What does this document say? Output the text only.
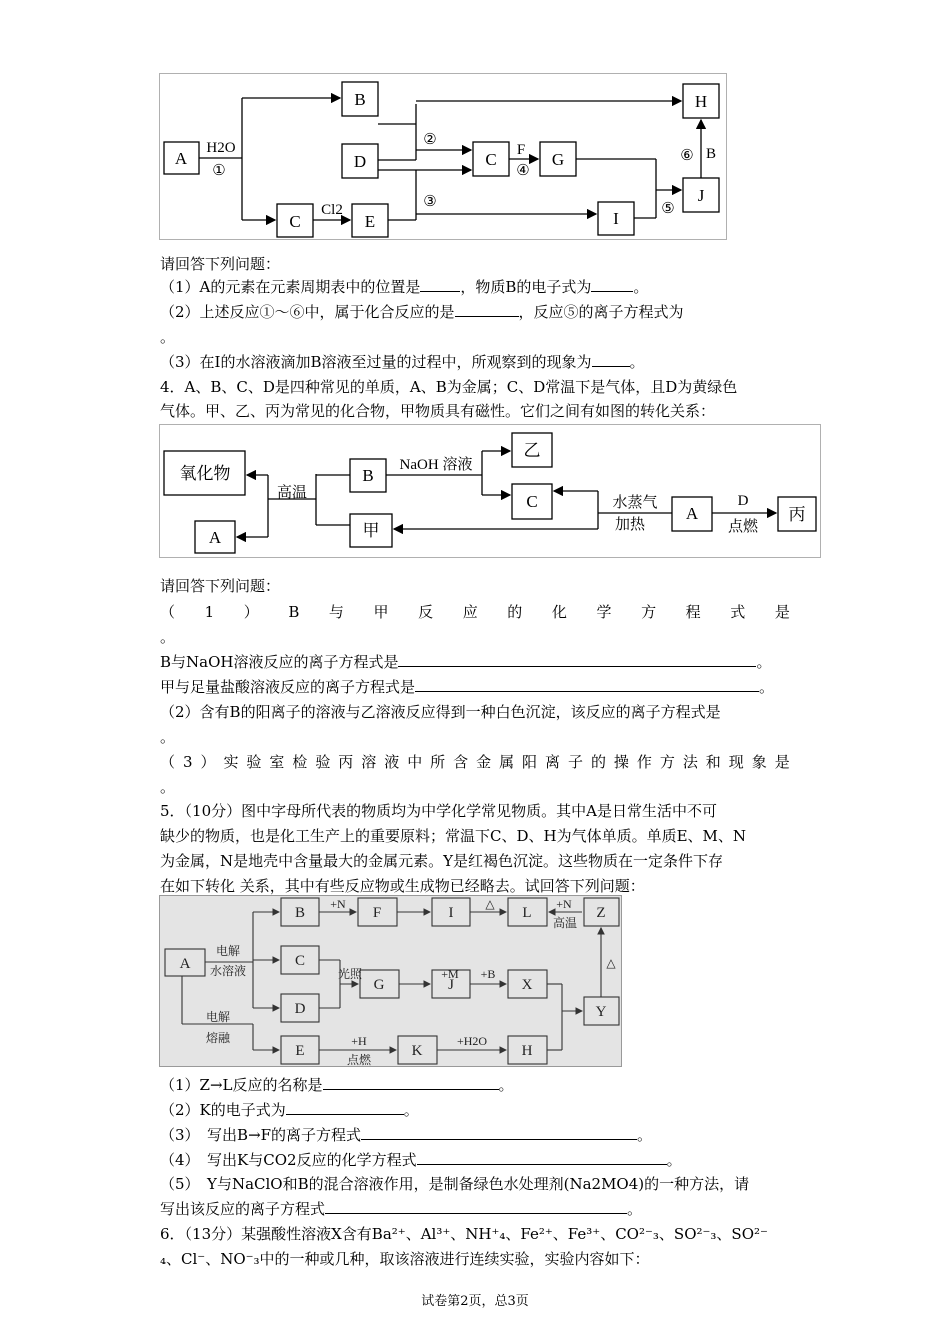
A
B
D
C	E
C	G
H
J
I
H2O
①
Cl2
②
③
F
④
⑤
⑥ B
请回答下列问题：
（1）A的元素在元素周期表中的位置是	，物质B的电子式为	。
（2）上述反应①～⑥中，属于化合反应的是	，反应⑤的离子方程式为
。
（3）在I的水溶液滴加B溶液至过量的过程中，所观察到的现象为	。
4．A、B、C、D是四种常见的单质，A、B为金属；C、D常温下是气体，且D为黄绿色
气体。甲、乙、丙为常见的化合物，甲物质具有磁性。它们之间有如图的转化关系：
氧化物
A
B
甲
乙
C
A	丙
高温
NaOH 溶液
水蒸气
加热
D
点燃
请回答下列问题：
（ 1 ） B 与 甲 反 应 的 化 学 方 程 式 是
。
B与NaOH溶液反应的离子方程式是	。
甲与足量盐酸溶液反应的离子方程式是	。
（2）含有B的阳离子的溶液与乙溶液反应得到一种白色沉淀，该反应的离子方程式是
。
（ 3 ） 实 验 室 检 验 丙 溶 液 中 所 含 金 属 阳 离 子 的 操 作 方 法 和 现 象 是
。
5．（10分）图中字母所代表的物质均为中学化学常见物质。其中A是日常生活中不可
缺少的物质，也是化工生产上的重要原料；常温下C、D、H为气体单质。单质E、M、N
为金属，N是地壳中含量最大的金属元素。Y是红褐色沉淀。这些物质在一定条件下存
在如下转化 关系，其中有些反应物或生成物已经略去。试回答下列问题：
A
B	F	I	L	Z
C
D
G	J	X
Y
E	K	H
+N
+M +B
+H	+H2O
△	+N
高温
△
电解
水溶液	光照
电解
熔融
点燃
（1）Z→L反应的名称是	。
（2）K的电子式为	。
（3）　写出B→F的离子方程式	。
（4）　写出K与CO2反应的化学方程式	。
（5）　Y与NaClO和B的混合溶液作用，是制备绿色水处理剂(Na2MO4)的一种方法，请
写出该反应的离子方程式	。
6．（13分）某强酸性溶液X含有Ba²⁺、Al³⁺、NH⁺₄、Fe²⁺、Fe³⁺、CO²⁻₃、SO²⁻₃、SO²⁻
₄、Cl⁻、NO⁻₃中的一种或几种，取该溶液进行连续实验，实验内容如下：
试卷第2页，总3页
